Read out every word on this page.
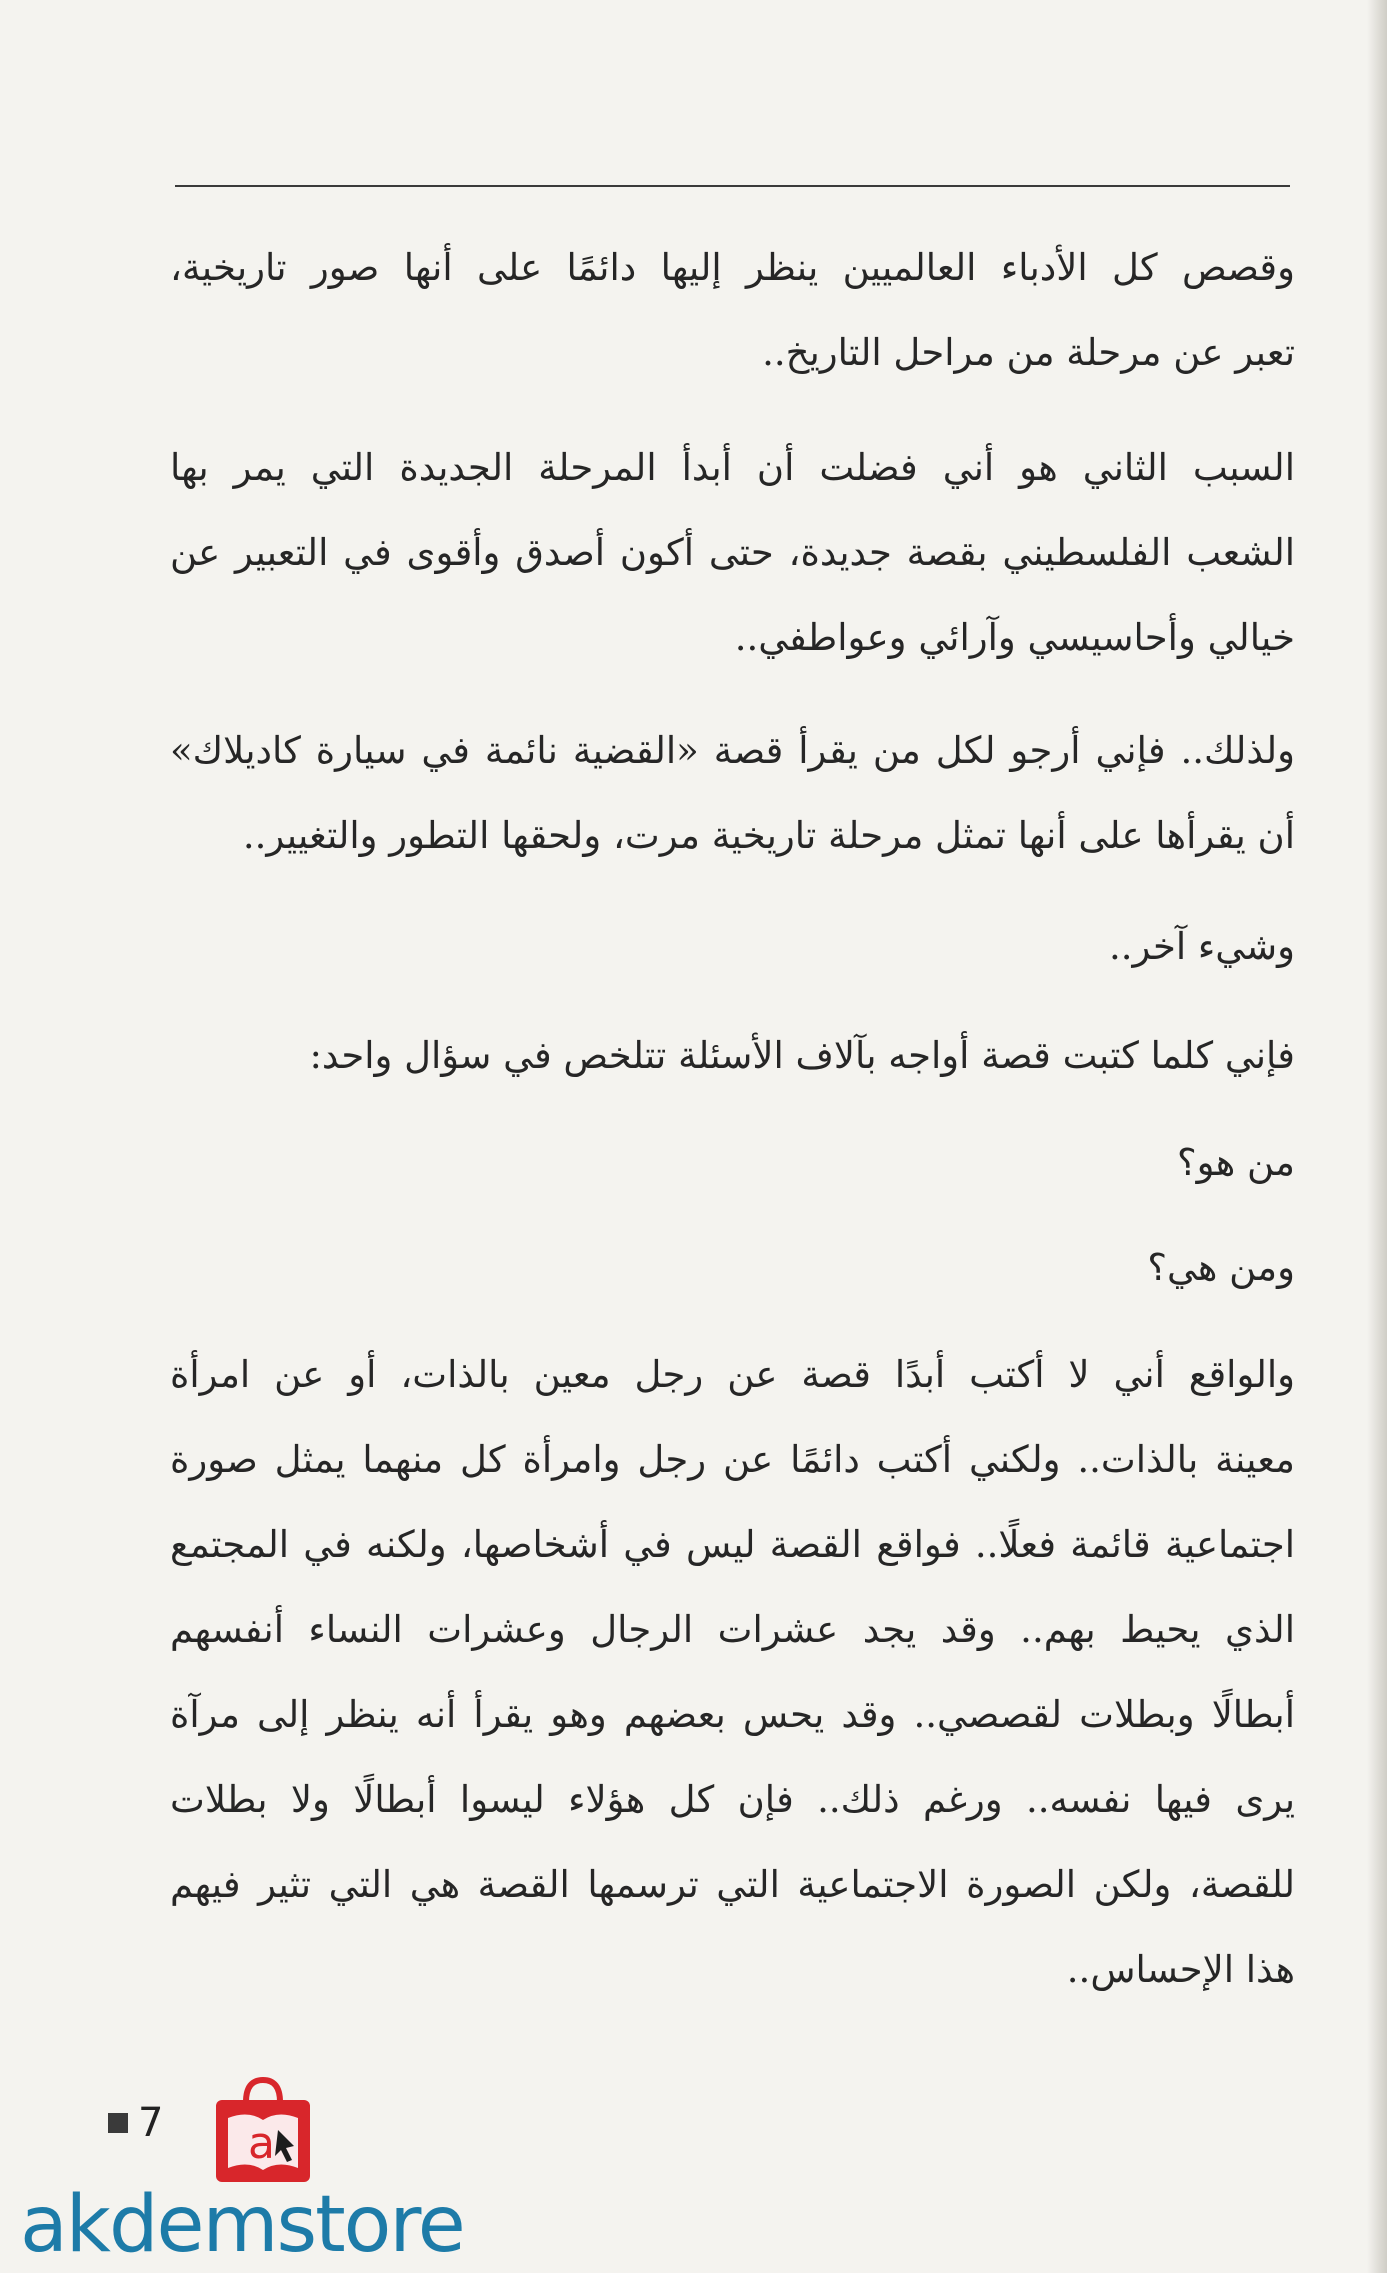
وقصص كل الأدباء العالميين ينظر إليها دائمًا على أنها صور تاريخية،
تعبر عن مرحلة من مراحل التاريخ..
السبب الثاني هو أني فضلت أن أبدأ المرحلة الجديدة التي يمر بها
الشعب الفلسطيني بقصة جديدة، حتى أكون أصدق وأقوى في التعبير عن
خيالي وأحاسيسي وآرائي وعواطفي..
ولذلك.. فإني أرجو لكل من يقرأ قصة «القضية نائمة في سيارة كاديلاك»
أن يقرأها على أنها تمثل مرحلة تاريخية مرت، ولحقها التطور والتغيير..
وشيء آخر..
فإني كلما كتبت قصة أواجه بآلاف الأسئلة تتلخص في سؤال واحد:
من هو؟
ومن هي؟
والواقع أني لا أكتب أبدًا قصة عن رجل معين بالذات، أو عن امرأة
معينة بالذات.. ولكني أكتب دائمًا عن رجل وامرأة كل منهما يمثل صورة
اجتماعية قائمة فعلًا.. فواقع القصة ليس في أشخاصها، ولكنه في المجتمع
الذي يحيط بهم.. وقد يجد عشرات الرجال وعشرات النساء أنفسهم
أبطالًا وبطلات لقصصي.. وقد يحس بعضهم وهو يقرأ أنه ينظر إلى مرآة
يرى فيها نفسه.. ورغم ذلك.. فإن كل هؤلاء ليسوا أبطالًا ولا بطلات
للقصة، ولكن الصورة الاجتماعية التي ترسمها القصة هي التي تثير فيهم
هذا الإحساس..
7 a
akdemstore
